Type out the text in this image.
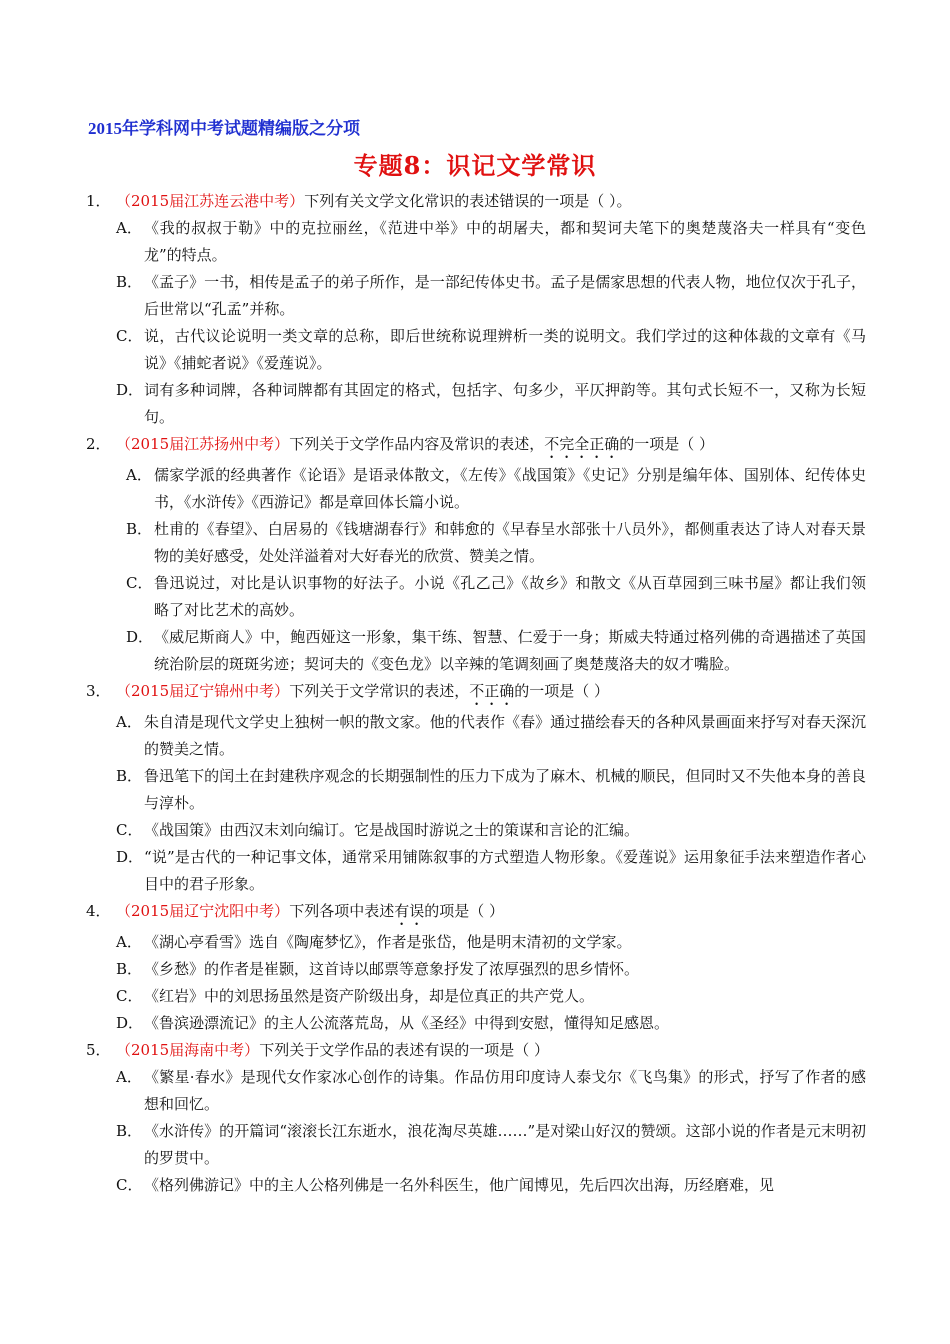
2015年学科网中考试题精编版之分项
专题8：识记文学常识
1． （2015届江苏连云港中考）下列有关文学文化常识的表述错误的一项是（ ）。
A． 《我的叔叔于勒》中的克拉丽丝，《范进中举》中的胡屠夫，都和契诃夫笔下的奥楚蔑洛夫一样具有“变色龙”的特点。
B． 《孟子》一书，相传是孟子的弟子所作，是一部纪传体史书。孟子是儒家思想的代表人物，地位仅次于孔子，后世常以“孔孟”并称。
C． 说，古代议论说明一类文章的总称，即后世统称说理辨析一类的说明文。我们学过的这种体裁的文章有《马说》《捕蛇者说》《爱莲说》。
D． 词有多种词牌，各种词牌都有其固定的格式，包括字、句多少，平仄押韵等。其句式长短不一，又称为长短句。
2． （2015届江苏扬州中考）下列关于文学作品内容及常识的表述，不完全正确的一项是（ ）
A． 儒家学派的经典著作《论语》是语录体散文，《左传》《战国策》《史记》分别是编年体、国别体、纪传体史书，《水浒传》《西游记》都是章回体长篇小说。
B． 杜甫的《春望》、白居易的《钱塘湖春行》和韩愈的《早春呈水部张十八员外》，都侧重表达了诗人对春天景物的美好感受，处处洋溢着对大好春光的欣赏、赞美之情。
C． 鲁迅说过，对比是认识事物的好法子。小说《孔乙己》《故乡》和散文《从百草园到三味书屋》都让我们领略了对比艺术的高妙。
D． 《威尼斯商人》中，鲍西娅这一形象，集干练、智慧、仁爱于一身；斯威夫特通过格列佛的奇遇描述了英国统治阶层的斑斑劣迹；契诃夫的《变色龙》以辛辣的笔调刻画了奥楚蔑洛夫的奴才嘴脸。
3． （2015届辽宁锦州中考）下列关于文学常识的表述，不正确的一项是（ ）
A． 朱自清是现代文学史上独树一帜的散文家。他的代表作《春》通过描绘春天的各种风景画面来抒写对春天深沉的赞美之情。
B． 鲁迅笔下的闰土在封建秩序观念的长期强制性的压力下成为了麻木、机械的顺民，但同时又不失他本身的善良与淳朴。
C． 《战国策》由西汉末刘向编订。它是战国时游说之士的策谋和言论的汇编。
D． “说”是古代的一种记事文体，通常采用铺陈叙事的方式塑造人物形象。《爱莲说》运用象征手法来塑造作者心目中的君子形象。
4． （2015届辽宁沈阳中考）下列各项中表述有误的项是（ ）
A． 《湖心亭看雪》选自《陶庵梦忆》，作者是张岱，他是明末清初的文学家。
B． 《乡愁》的作者是崔颢，这首诗以邮票等意象抒发了浓厚强烈的思乡情怀。
C． 《红岩》中的刘思扬虽然是资产阶级出身，却是位真正的共产党人。
D． 《鲁滨逊漂流记》的主人公流落荒岛，从《圣经》中得到安慰，懂得知足感恩。
5． （2015届海南中考）下列关于文学作品的表述有误的一项是（ ）
A． 《繁星·春水》是现代女作家冰心创作的诗集。作品仿用印度诗人泰戈尔《飞鸟集》的形式，抒写了作者的感想和回忆。
B． 《水浒传》的开篇词“滚滚长江东逝水，浪花淘尽英雄……”是对梁山好汉的赞颂。这部小说的作者是元末明初的罗贯中。
C． 《格列佛游记》中的主人公格列佛是一名外科医生，他广闻博见，先后四次出海，历经磨难，见
